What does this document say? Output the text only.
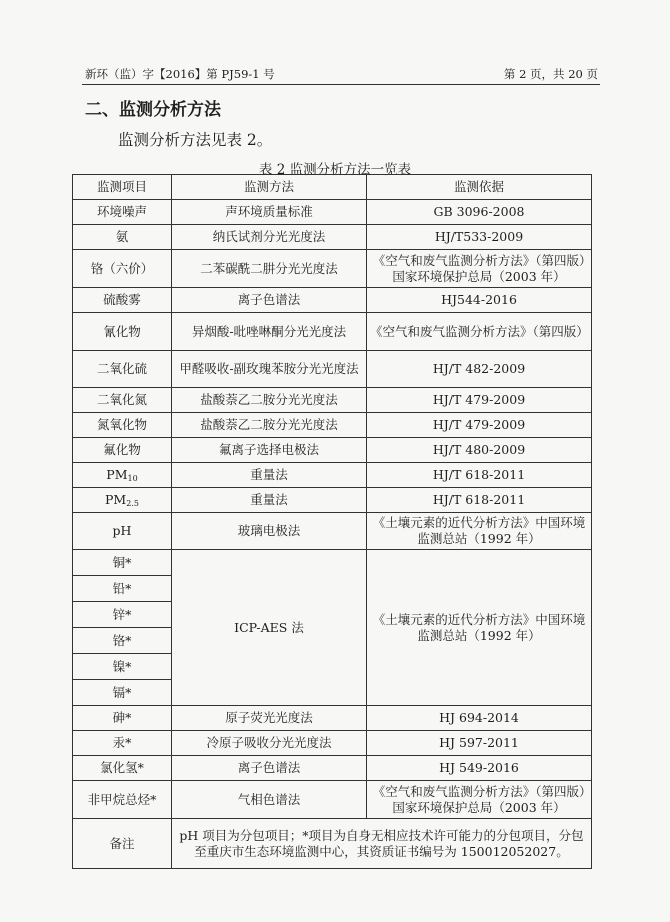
新环（监）字【2016】第 PJ59-1 号	第 2 页，共 20 页
二、监测分析方法
监测分析方法见表 2。
表 2 监测分析方法一览表
监测项目	监测方法	监测依据
环境噪声	声环境质量标准	GB 3096-2008
氨	纳氏试剂分光光度法	HJ/T533-2009
铬（六价）	二苯碳酰二肼分光光度法	《空气和废气监测分析方法》（第四版）国家环境保护总局（2003 年）
硫酸雾	离子色谱法	HJ544-2016
氰化物	异烟酸-吡唑啉酮分光光度法	《空气和废气监测分析方法》（第四版）
二氧化硫	甲醛吸收-副玫瑰苯胺分光光度法	HJ/T 482-2009
二氧化氮	盐酸萘乙二胺分光光度法	HJ/T 479-2009
氮氧化物	盐酸萘乙二胺分光光度法	HJ/T 479-2009
氟化物	氟离子选择电极法	HJ/T 480-2009
$PM_{10}$	重量法	HJ/T 618-2011
$PM_{2.5}$	重量法	HJ/T 618-2011
pH	玻璃电极法	《土壤元素的近代分析方法》中国环境监测总站（1992 年）
铜*	ICP-AES 法	《土壤元素的近代分析方法》中国环境监测总站（1992 年）
铅*		
锌*		
铬*		
镍*		
镉*		
砷*	原子荧光光度法	HJ 694-2014
汞*	冷原子吸收分光光度法	HJ 597-2011
氯化氢*	离子色谱法	HJ 549-2016
非甲烷总烃*	气相色谱法	《空气和废气监测分析方法》（第四版）国家环境保护总局（2003 年）
备注	pH 项目为分包项目；*项目为自身无相应技术许可能力的分包项目，分包至重庆市生态环境监测中心，其资质证书编号为 15001205202​7。	
